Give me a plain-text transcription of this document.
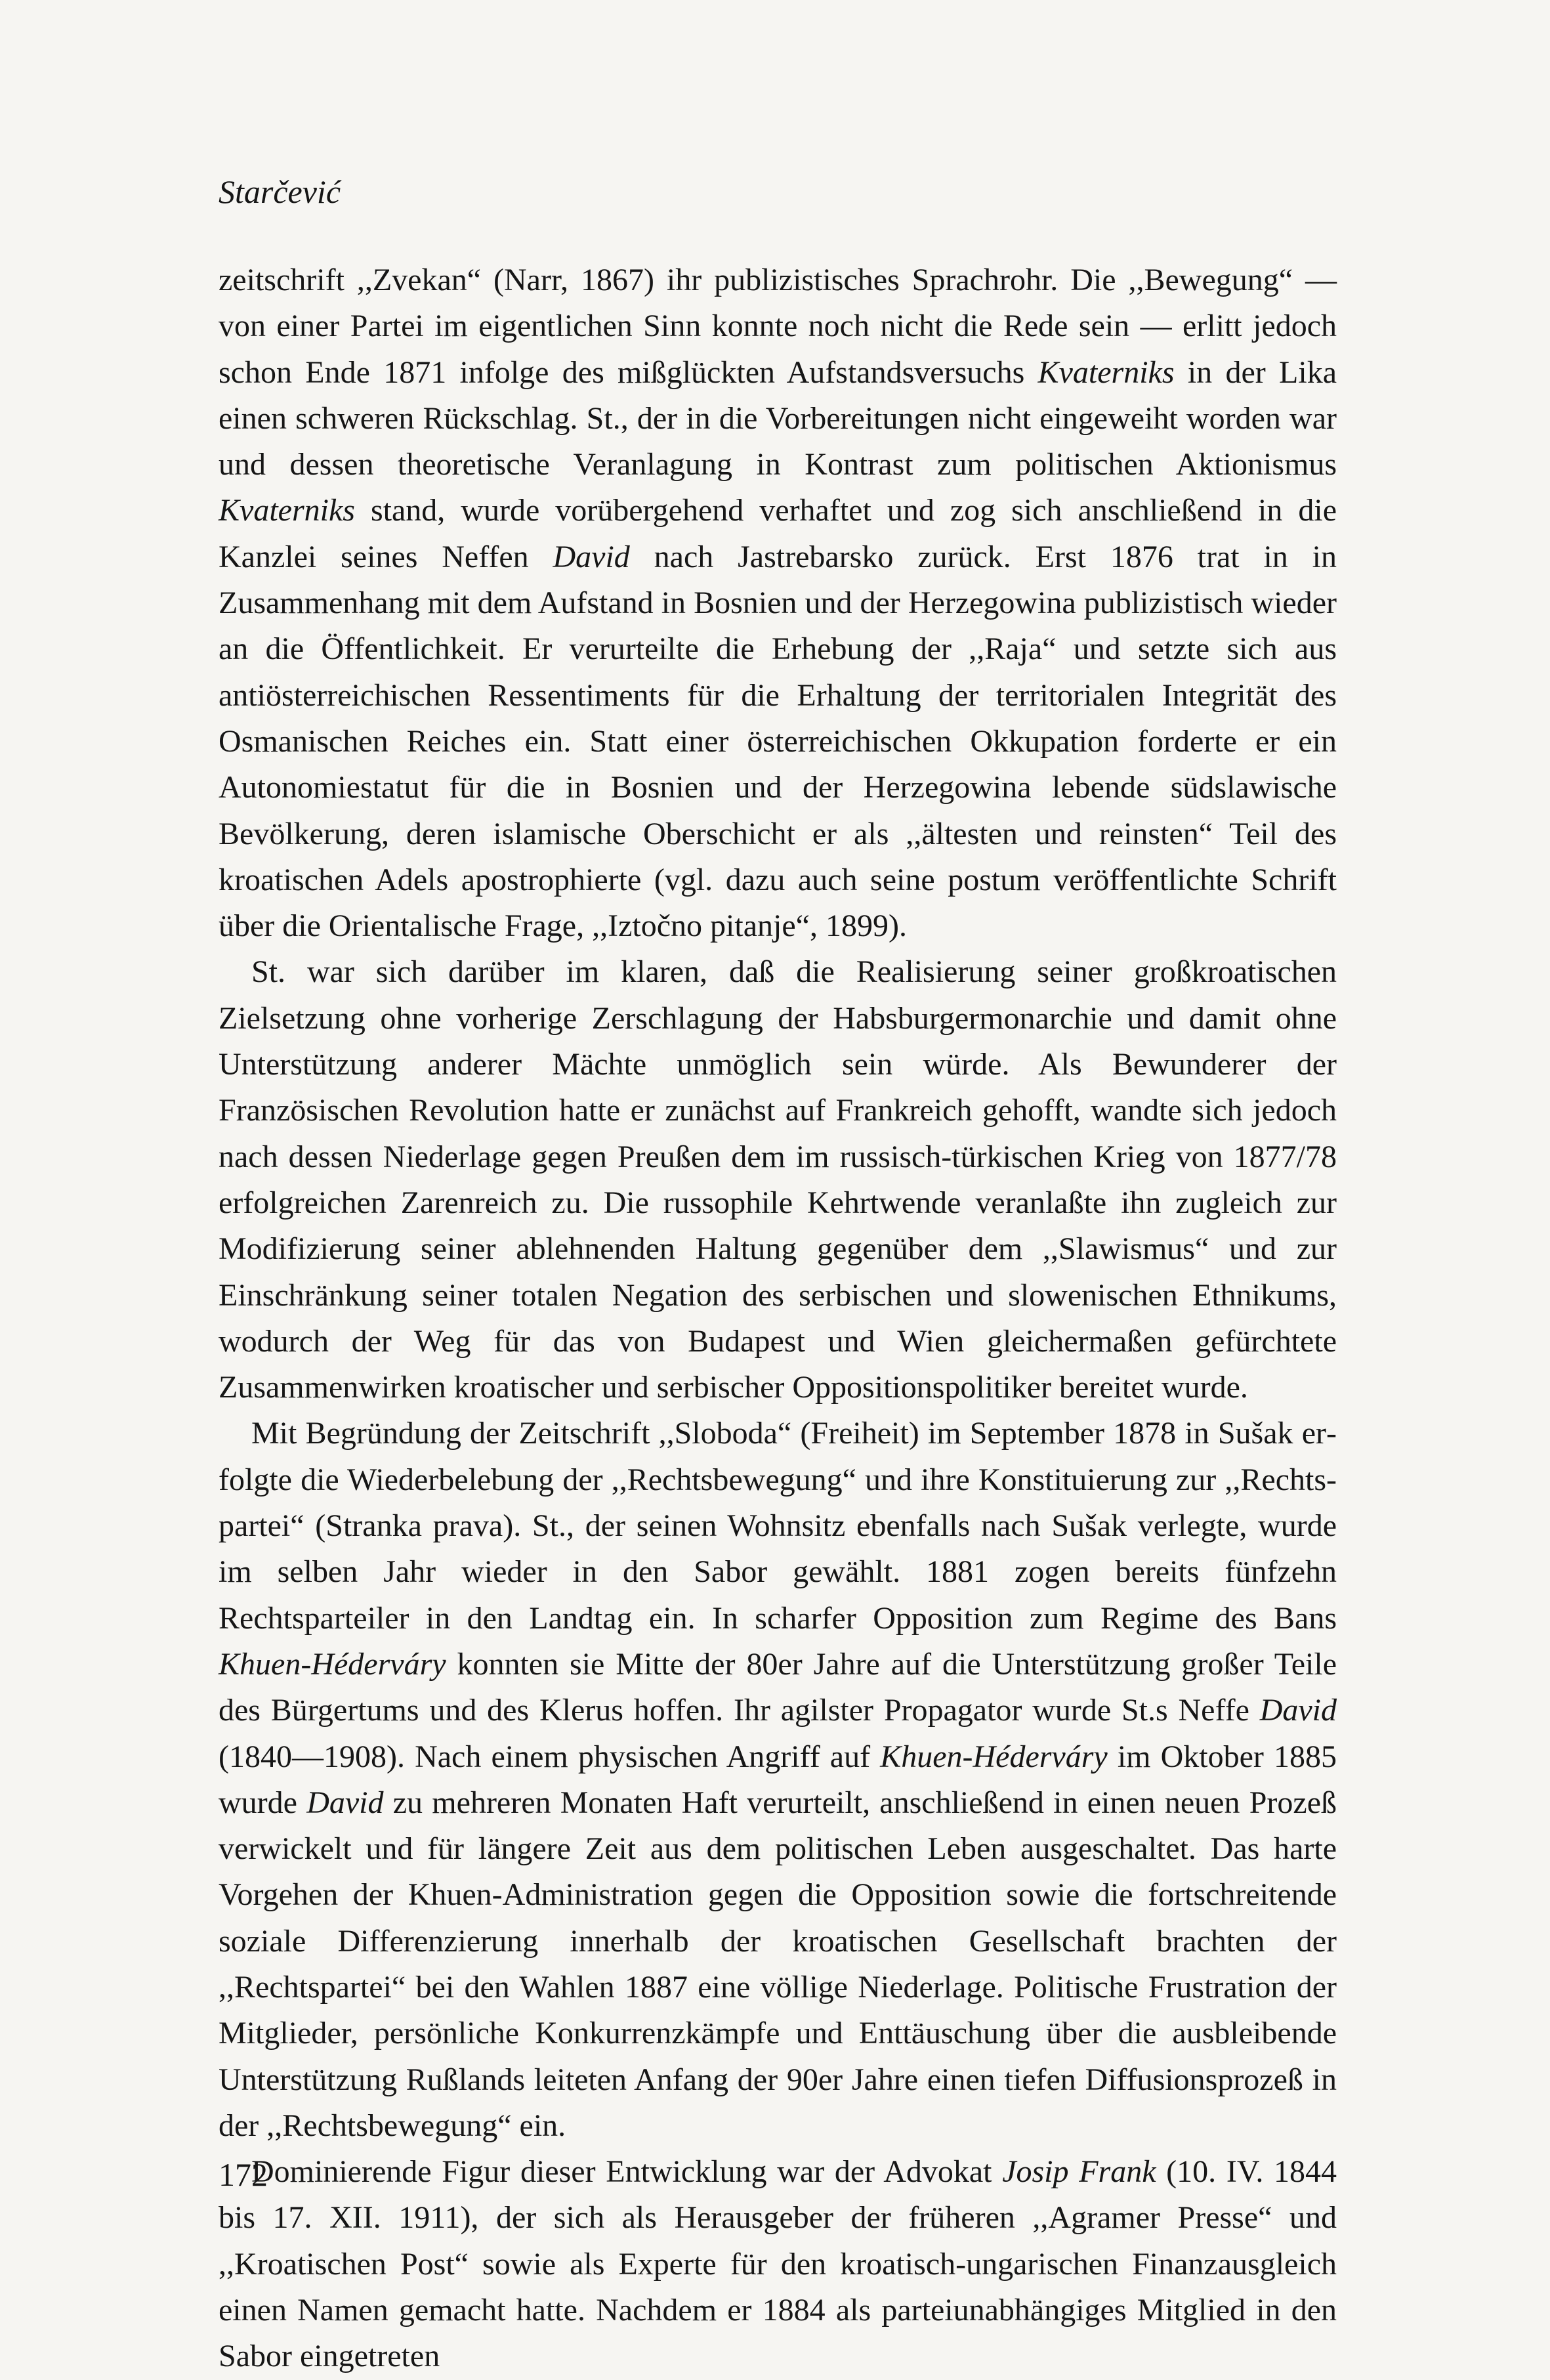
Starčević

zeitschrift ,,Zvekan“ (Narr, 1867) ihr publizistisches Sprachrohr. Die ,,Bewegung“ — von einer Partei im eigentlichen Sinn konnte noch nicht die Rede sein — erlitt jedoch schon Ende 1871 infolge des mißglückten Aufstandsversuchs Kvaterniks in der Lika einen schweren Rückschlag. St., der in die Vorbereitungen nicht eingeweiht worden war und dessen theoretische Veranlagung in Kontrast zum politischen Aktionismus Kvaterniks stand, wurde vorübergehend verhaftet und zog sich anschließend in die Kanzlei seines Neffen David nach Jastrebarsko zurück. Erst 1876 trat in in Zusammenhang mit dem Aufstand in Bosnien und der Herzegowina publizistisch wieder an die Öffentlichkeit. Er verurteilte die Erhebung der ,,Raja“ und setzte sich aus antiösterreichischen Ressentiments für die Erhaltung der territorialen Integrität des Osmanischen Reiches ein. Statt einer österreichischen Okkupation forderte er ein Autonomiestatut für die in Bosnien und der Herzegowina lebende südslawische Bevölkerung, deren islamische Oberschicht er als ,,ältesten und reinsten“ Teil des kroatischen Adels apostrophierte (vgl. dazu auch seine postum veröffentlichte Schrift über die Orientalische Frage, ,,Iztočno pitanje“, 1899).

St. war sich darüber im klaren, daß die Realisierung seiner großkroatischen Zielsetzung ohne vorherige Zerschlagung der Habsburgermonarchie und damit ohne Unterstützung anderer Mächte unmöglich sein würde. Als Bewunderer der Französischen Revolution hatte er zunächst auf Frankreich gehofft, wandte sich jedoch nach dessen Niederlage gegen Preußen dem im russisch-türkischen Krieg von 1877/78 erfolgreichen Zarenreich zu. Die russophile Kehrtwende veranlaßte ihn zugleich zur Modifizierung seiner ablehnenden Haltung gegenüber dem ,,Slawismus“ und zur Einschränkung seiner totalen Negation des serbischen und slowenischen Ethnikums, wodurch der Weg für das von Budapest und Wien gleichermaßen gefürchtete Zusammenwirken kroatischer und serbischer Oppositionspolitiker bereitet wurde.

Mit Begründung der Zeitschrift ,,Sloboda“ (Freiheit) im September 1878 in Sušak erfolgte die Wiederbelebung der ,,Rechtsbewegung“ und ihre Konstituierung zur ,,Rechtspartei“ (Stranka prava). St., der seinen Wohnsitz ebenfalls nach Sušak verlegte, wurde im selben Jahr wieder in den Sabor gewählt. 1881 zogen bereits fünfzehn Rechtsparteiler in den Landtag ein. In scharfer Opposition zum Regime des Bans Khuen-Héderváry konnten sie Mitte der 80er Jahre auf die Unterstützung großer Teile des Bürgertums und des Klerus hoffen. Ihr agilster Propagator wurde St.s Neffe David (1840—1908). Nach einem physischen Angriff auf Khuen-Héderváry im Oktober 1885 wurde David zu mehreren Monaten Haft verurteilt, anschließend in einen neuen Prozeß verwickelt und für längere Zeit aus dem politischen Leben ausgeschaltet. Das harte Vorgehen der Khuen-Administration gegen die Opposition sowie die fortschreitende soziale Differenzierung innerhalb der kroatischen Gesellschaft brachten der ,,Rechtspartei“ bei den Wahlen 1887 eine völlige Niederlage. Politische Frustration der Mitglieder, persönliche Konkurrenzkämpfe und Enttäuschung über die ausbleibende Unterstützung Rußlands leiteten Anfang der 90er Jahre einen tiefen Diffusionsprozeß in der ,,Rechtsbewegung“ ein.

Dominierende Figur dieser Entwicklung war der Advokat Josip Frank (10. IV. 1844 bis 17. XII. 1911), der sich als Herausgeber der früheren ,,Agramer Presse“ und ,,Kroatischen Post“ sowie als Experte für den kroatisch-ungarischen Finanzausgleich einen Namen gemacht hatte. Nachdem er 1884 als parteiunabhängiges Mitglied in den Sabor eingetreten

172
